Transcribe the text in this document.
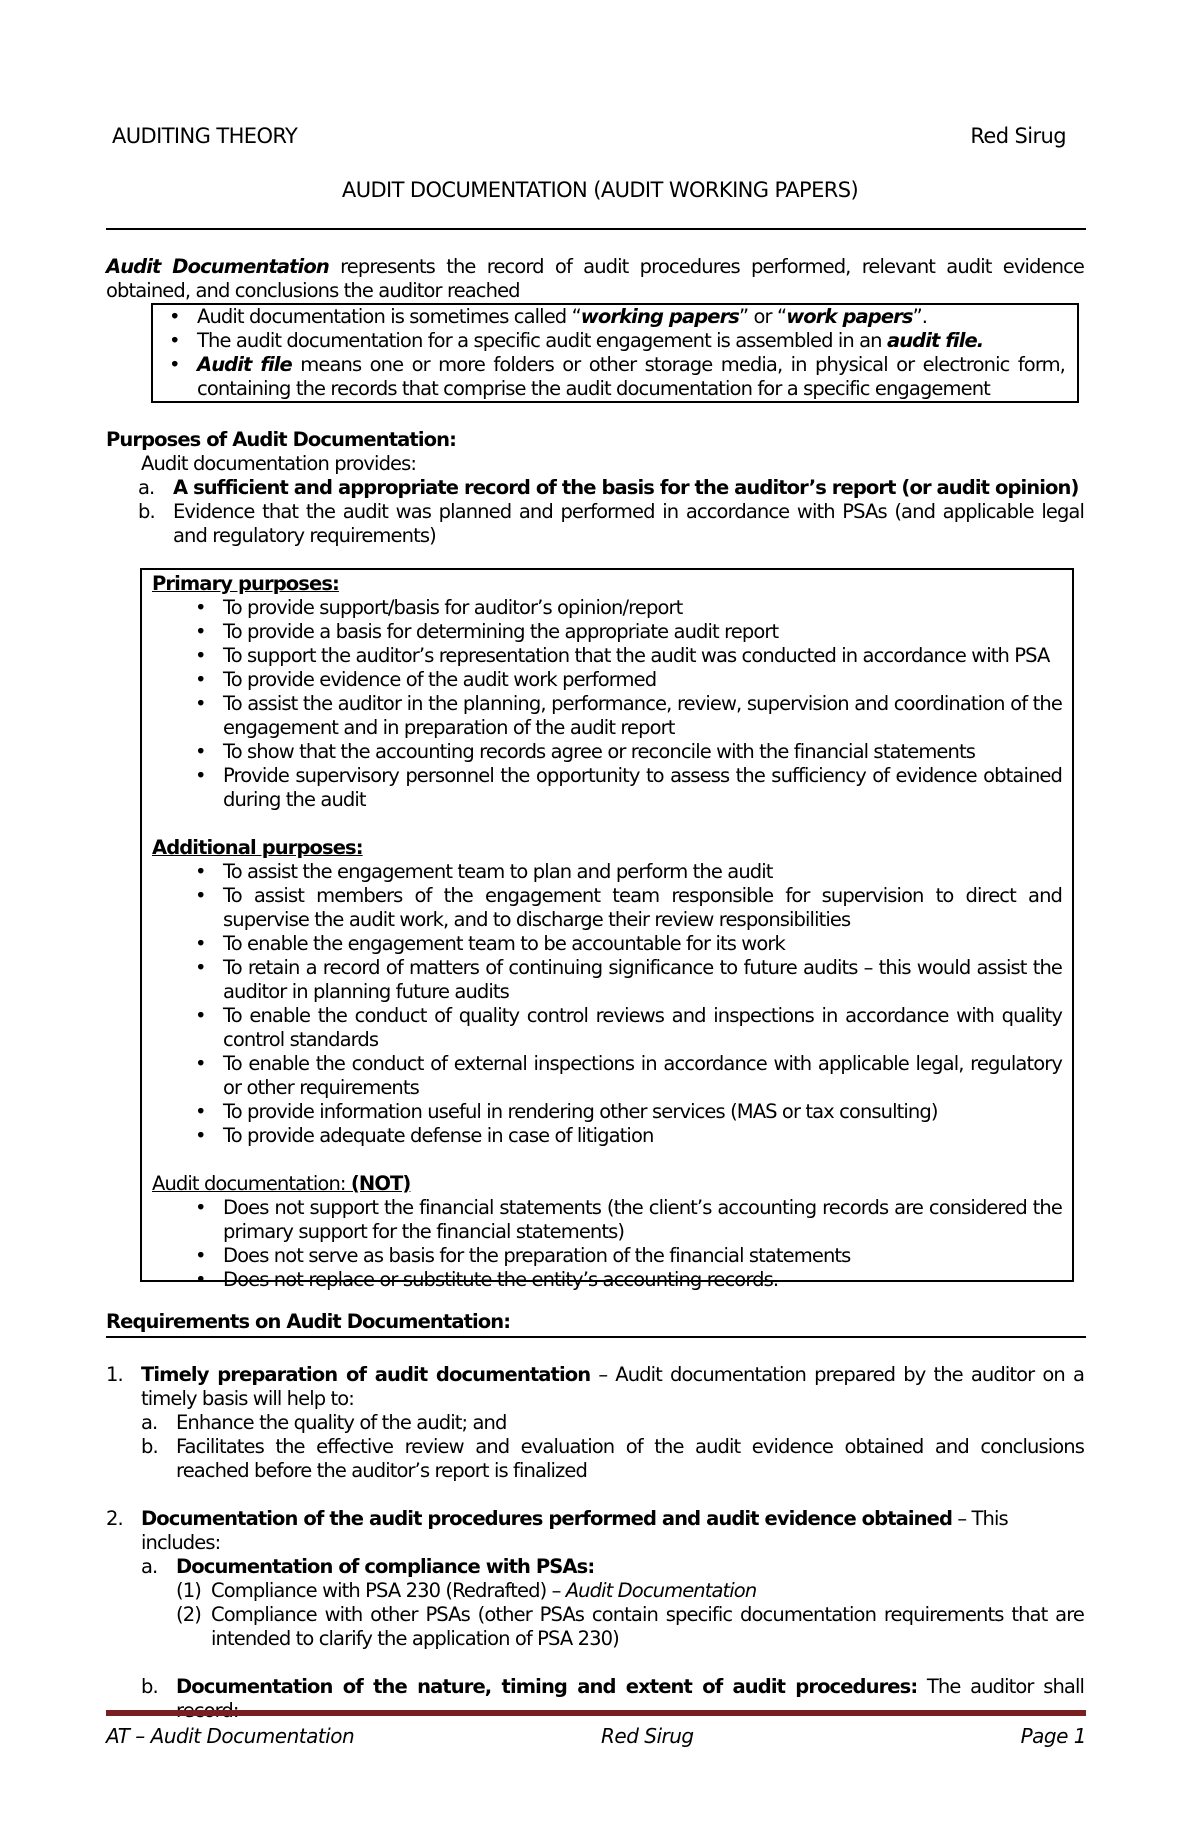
AUDITING THEORY	Red Sirug
AUDIT DOCUMENTATION (AUDIT WORKING PAPERS)
Audit Documentation represents the record of audit procedures performed, relevant audit evidence obtained, and conclusions the auditor reached
• Audit documentation is sometimes called “working papers” or “work papers”.
• The audit documentation for a specific audit engagement is assembled in an audit file.
• Audit file means one or more folders or other storage media, in physical or electronic form, containing the records that comprise the audit documentation for a specific engagement
Purposes of Audit Documentation:
Audit documentation provides:
a. A sufficient and appropriate record of the basis for the auditor’s report (or audit opinion)
b. Evidence that the audit was planned and performed in accordance with PSAs (and applicable legal and regulatory requirements)
Primary purposes:
• To provide support/basis for auditor’s opinion/report
• To provide a basis for determining the appropriate audit report
• To support the auditor’s representation that the audit was conducted in accordance with PSA
• To provide evidence of the audit work performed
• To assist the auditor in the planning, performance, review, supervision and coordination of the engagement and in preparation of the audit report
• To show that the accounting records agree or reconcile with the financial statements
• Provide supervisory personnel the opportunity to assess the sufficiency of evidence obtained during the audit
Additional purposes:
• To assist the engagement team to plan and perform the audit
• To assist members of the engagement team responsible for supervision to direct and supervise the audit work, and to discharge their review responsibilities
• To enable the engagement team to be accountable for its work
• To retain a record of matters of continuing significance to future audits – this would assist the auditor in planning future audits
• To enable the conduct of quality control reviews and inspections in accordance with quality control standards
• To enable the conduct of external inspections in accordance with applicable legal, regulatory or other requirements
• To provide information useful in rendering other services (MAS or tax consulting)
• To provide adequate defense in case of litigation
Audit documentation: (NOT)
• Does not support the financial statements (the client’s accounting records are considered the primary support for the financial statements)
• Does not serve as basis for the preparation of the financial statements
• Does not replace or substitute the entity’s accounting records.
Requirements on Audit Documentation:
1. Timely preparation of audit documentation – Audit documentation prepared by the auditor on a timely basis will help to:
a. Enhance the quality of the audit; and
b. Facilitates the effective review and evaluation of the audit evidence obtained and conclusions reached before the auditor’s report is finalized
2. Documentation of the audit procedures performed and audit evidence obtained – This includes:
a. Documentation of compliance with PSAs:
(1) Compliance with PSA 230 (Redrafted) – Audit Documentation
(2) Compliance with other PSAs (other PSAs contain specific documentation requirements that are intended to clarify the application of PSA 230)
b. Documentation of the nature, timing and extent of audit procedures: The auditor shall
AT – Audit Documentation	Red Sirug	Page 1
